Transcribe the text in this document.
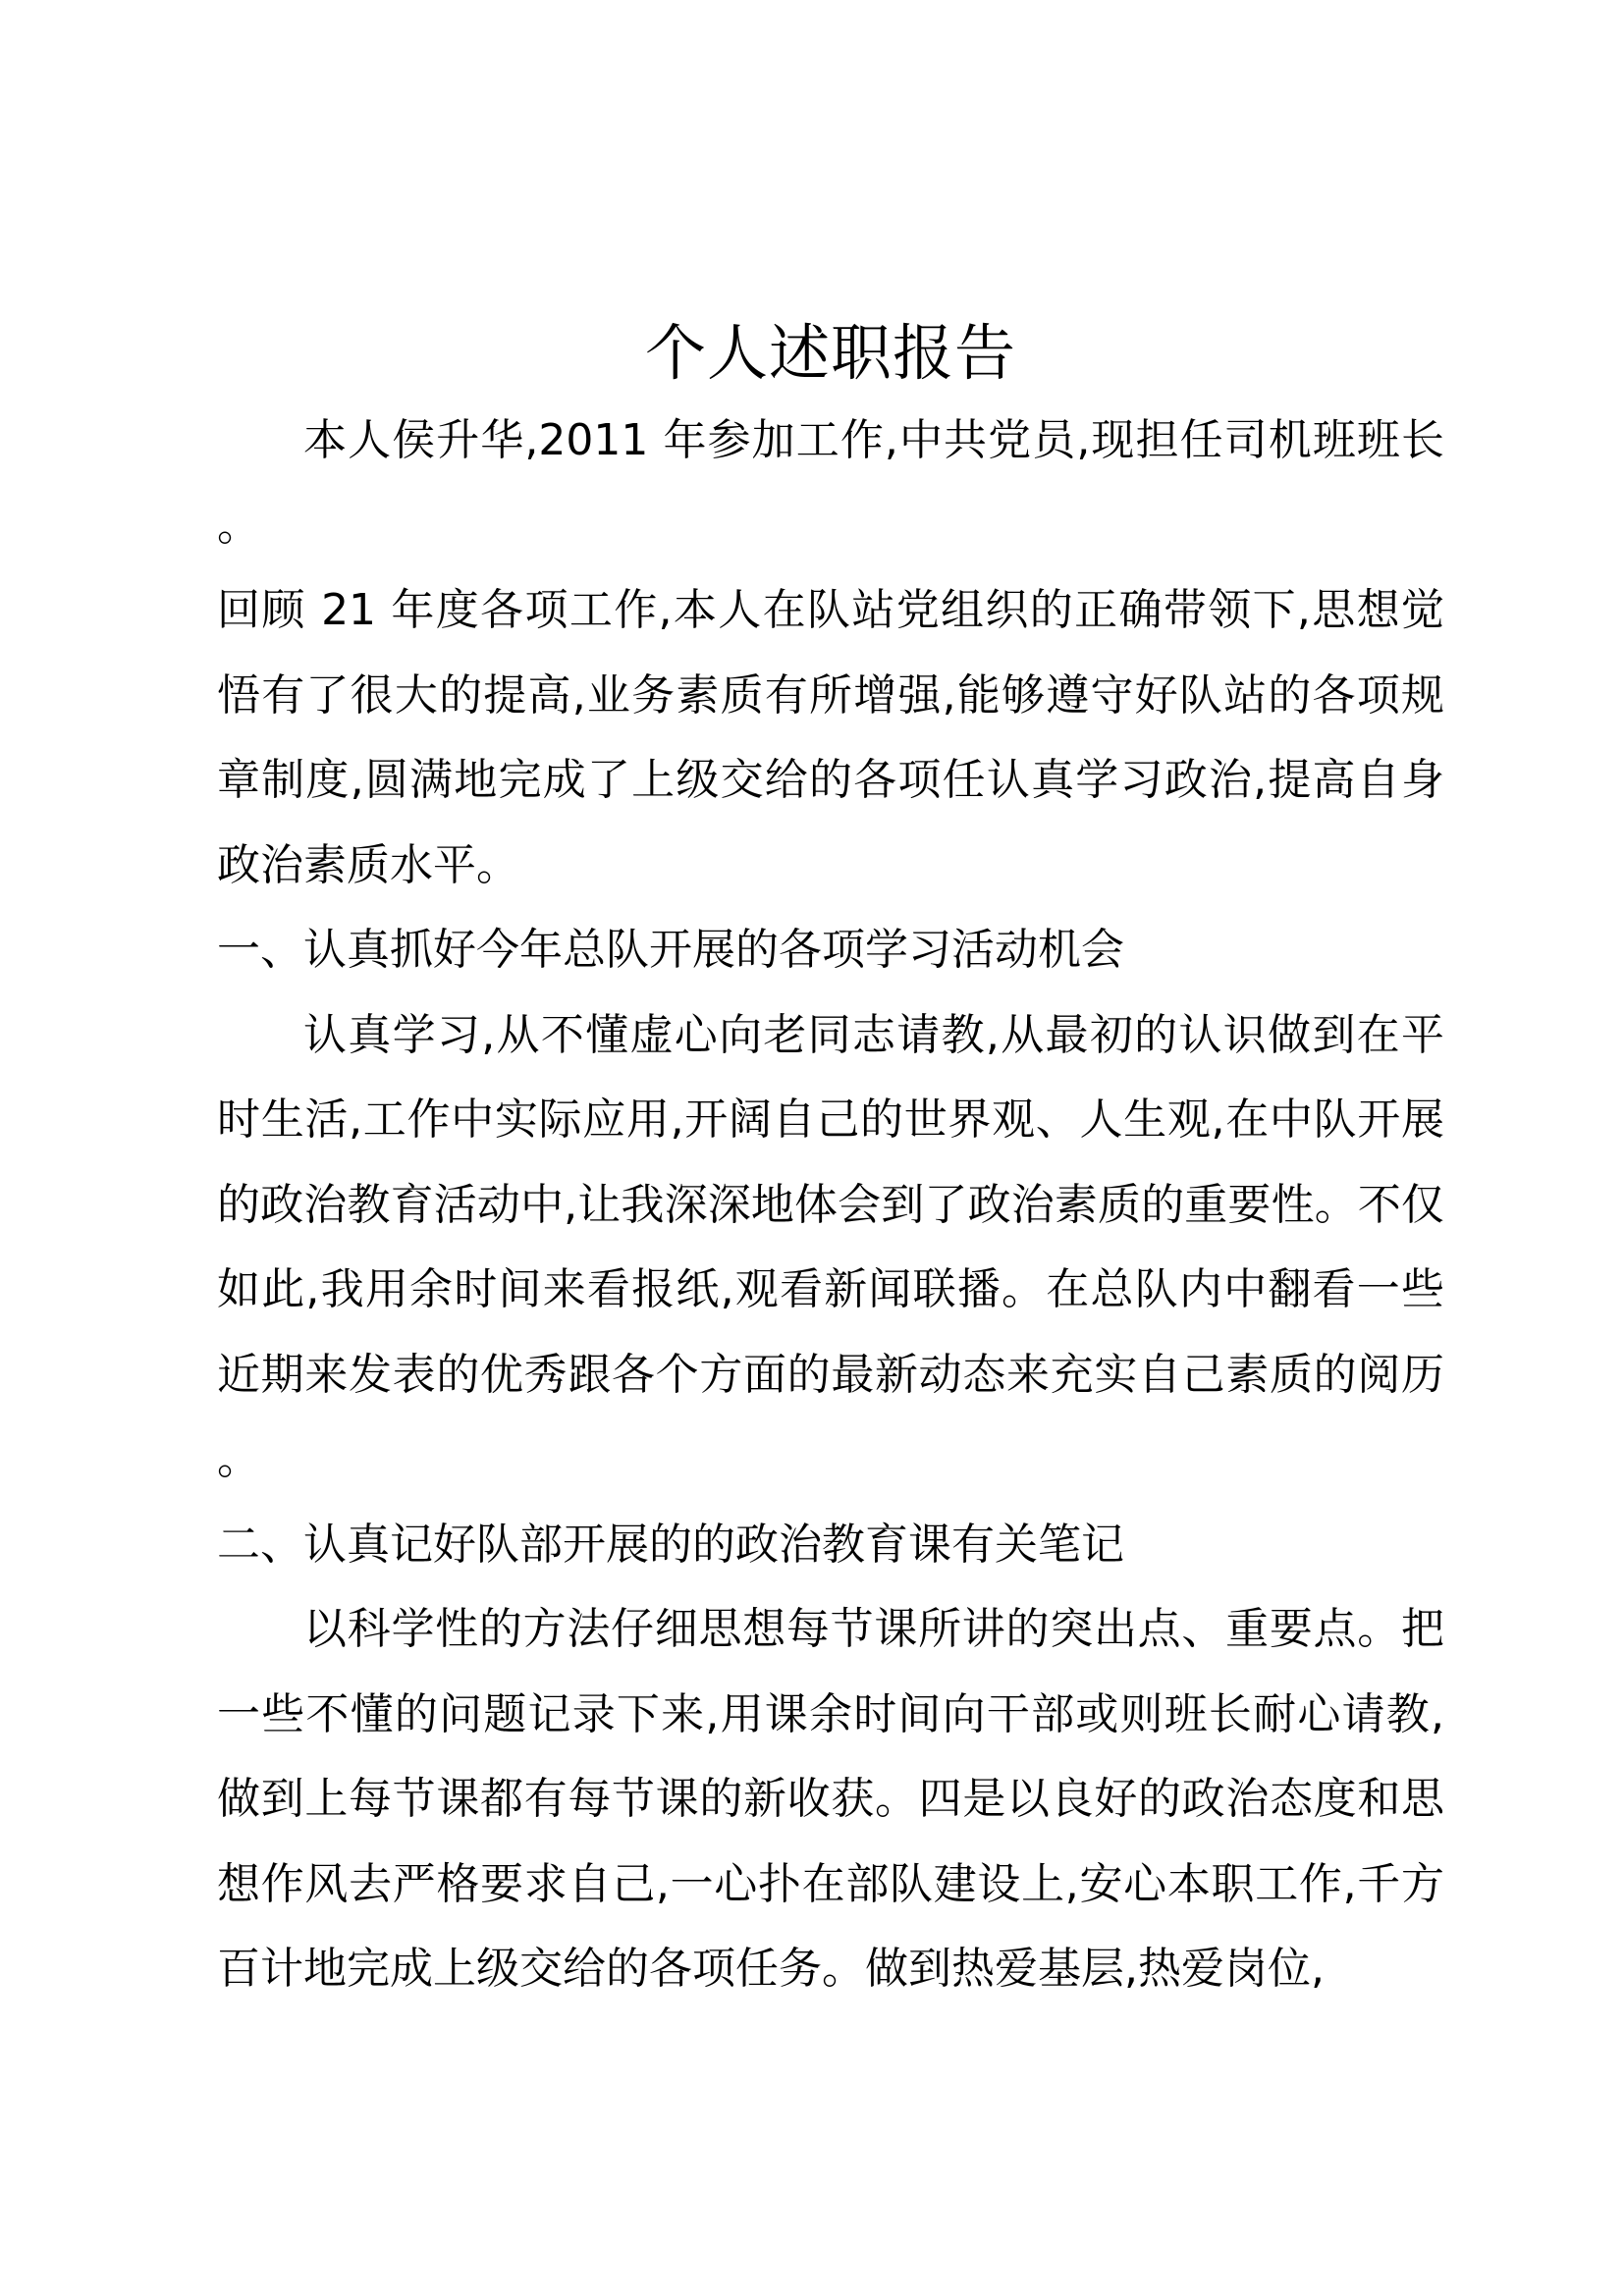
个人述职报告

本人侯升华,2011 年参加工作,中共党员,现担任司机班班长。

回顾 21 年度各项工作,本人在队站党组织的正确带领下,思想觉悟有了很大的提高,业务素质有所增强,能够遵守好队站的各项规章制度,圆满地完成了上级交给的各项任认真学习政治,提高自身政治素质水平。

一、认真抓好今年总队开展的各项学习活动机会

认真学习,从不懂虚心向老同志请教,从最初的认识做到在平时生活,工作中实际应用,开阔自己的世界观、人生观,在中队开展的政治教育活动中,让我深深地体会到了政治素质的重要性。不仅如此,我用余时间来看报纸,观看新闻联播。在总队内中翻看一些近期来发表的优秀跟各个方面的最新动态来充实自己素质的阅历。

二、认真记好队部开展的的政治教育课有关笔记

以科学性的方法仔细思想每节课所讲的突出点、重要点。把一些不懂的问题记录下来,用课余时间向干部或则班长耐心请教,做到上每节课都有每节课的新收获。四是以良好的政治态度和思想作风去严格要求自己,一心扑在部队建设上,安心本职工作,千方百计地完成上级交给的各项任务。做到热爱基层,热爱岗位,
